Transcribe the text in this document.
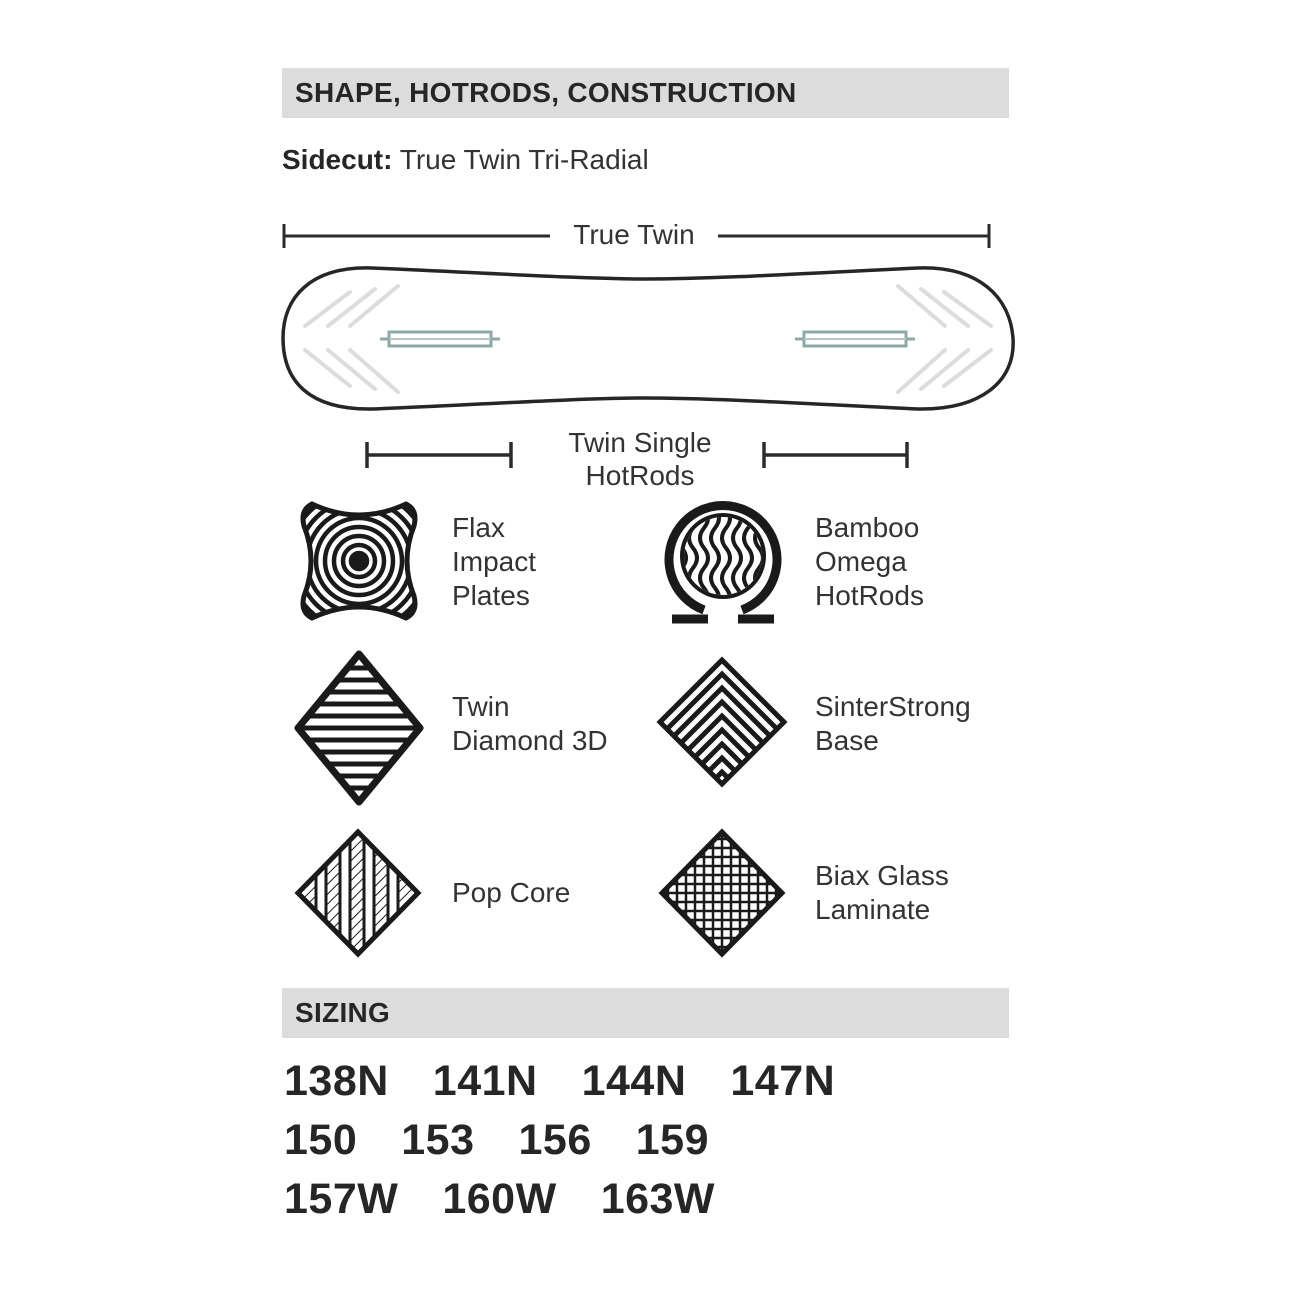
SHAPE, HOTRODS, CONSTRUCTION
Sidecut: True Twin Tri-Radial
True Twin
Twin Single
HotRods
Flax
Impact
Plates
Bamboo
Omega
HotRods
Twin
Diamond 3D
SinterStrong
Base
Pop Core
Biax Glass
Laminate
SIZING
138N 141N 144N 147N
150 153 156 159
157W 160W 163W
